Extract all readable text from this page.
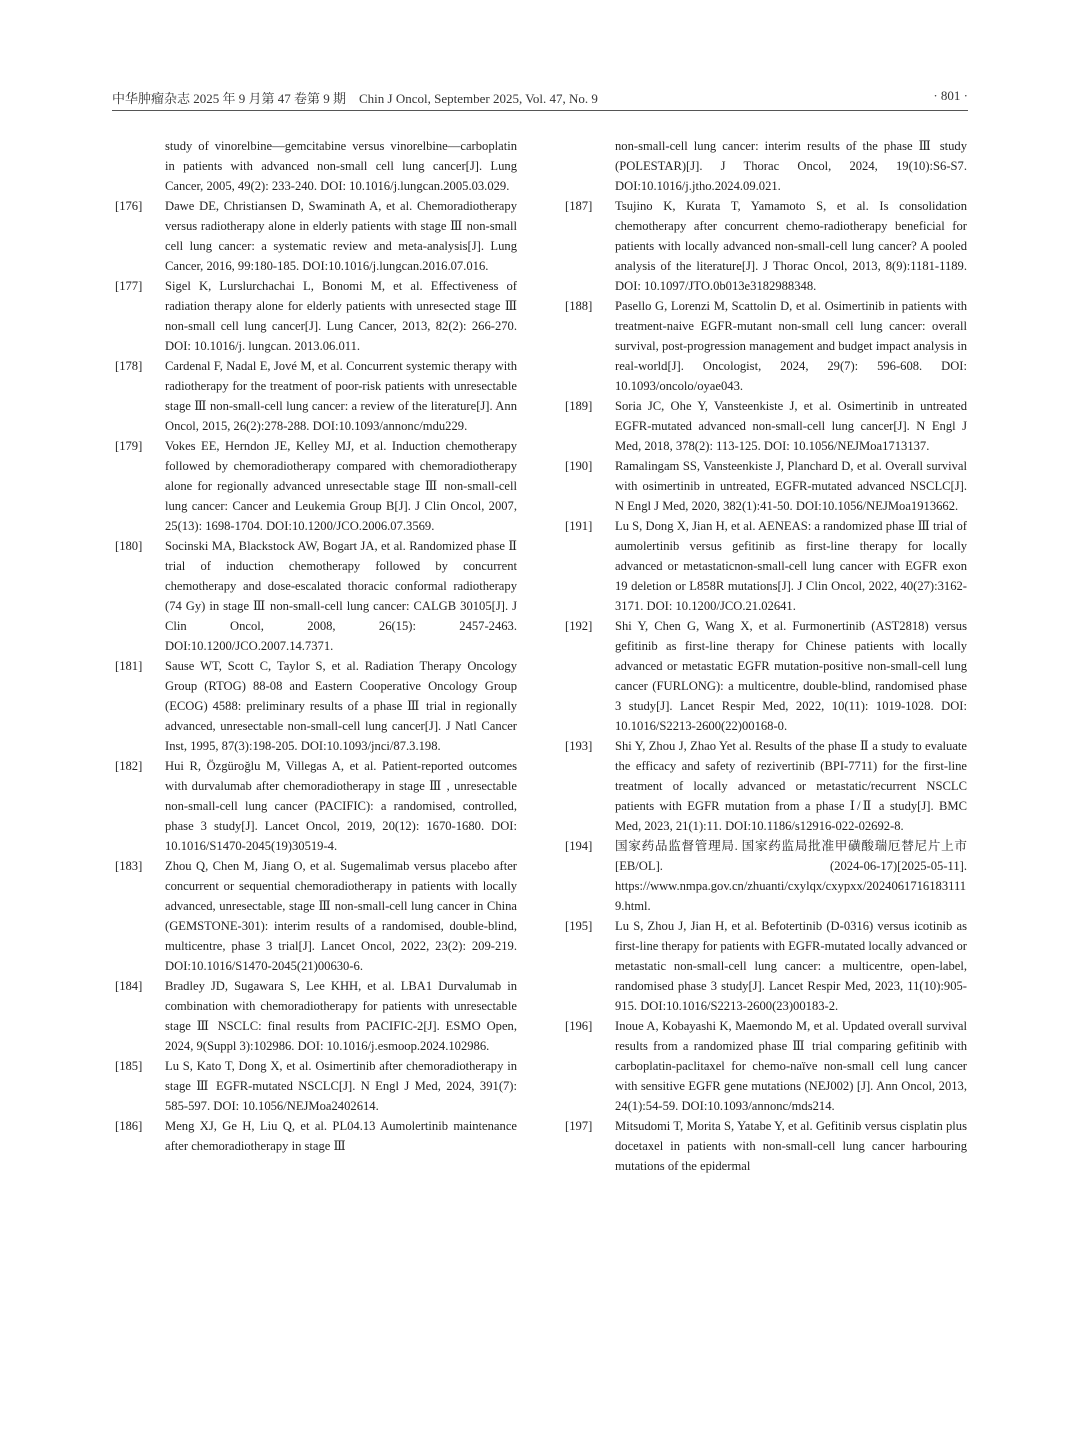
中华肿瘤杂志 2025 年 9 月第 47 卷第 9 期　Chin J Oncol, September 2025, Vol. 47, No. 9	· 801 ·
study of vinorelbine—gemcitabine versus vinorelbine—carboplatin in patients with advanced non-small cell lung cancer[J]. Lung Cancer, 2005, 49(2): 233-240. DOI: 10.1016/j.lungcan.2005.03.029.
[176] Dawe DE, Christiansen D, Swaminath A, et al. Chemoradiotherapy versus radiotherapy alone in elderly patients with stage Ⅲ non-small cell lung cancer: a systematic review and meta-analysis[J]. Lung Cancer, 2016, 99:180-185. DOI:10.1016/j.lungcan.2016.07.016.
[177] Sigel K, Lurslurchachai L, Bonomi M, et al. Effectiveness of radiation therapy alone for elderly patients with unresected stage Ⅲ non-small cell lung cancer[J]. Lung Cancer, 2013, 82(2): 266-270. DOI: 10.1016/j. lungcan. 2013.06.011.
[178] Cardenal F, Nadal E, Jové M, et al. Concurrent systemic therapy with radiotherapy for the treatment of poor-risk patients with unresectable stage Ⅲ non-small-cell lung cancer: a review of the literature[J]. Ann Oncol, 2015, 26(2):278-288. DOI:10.1093/annonc/mdu229.
[179] Vokes EE, Herndon JE, Kelley MJ, et al. Induction chemotherapy followed by chemoradiotherapy compared with chemoradiotherapy alone for regionally advanced unresectable stage Ⅲ non-small-cell lung cancer: Cancer and Leukemia Group B[J]. J Clin Oncol, 2007, 25(13): 1698-1704. DOI:10.1200/JCO.2006.07.3569.
[180] Socinski MA, Blackstock AW, Bogart JA, et al. Randomized phase Ⅱ trial of induction chemotherapy followed by concurrent chemotherapy and dose-escalated thoracic conformal radiotherapy (74 Gy) in stage Ⅲ non-small-cell lung cancer: CALGB 30105[J]. J Clin Oncol, 2008, 26(15): 2457-2463. DOI:10.1200/JCO.2007.14.7371.
[181] Sause WT, Scott C, Taylor S, et al. Radiation Therapy Oncology Group (RTOG) 88-08 and Eastern Cooperative Oncology Group (ECOG) 4588: preliminary results of a phase Ⅲ trial in regionally advanced, unresectable non-small-cell lung cancer[J]. J Natl Cancer Inst, 1995, 87(3):198-205. DOI:10.1093/jnci/87.3.198.
[182] Hui R, Özgüroğlu M, Villegas A, et al. Patient-reported outcomes with durvalumab after chemoradiotherapy in stage Ⅲ , unresectable non-small-cell lung cancer (PACIFIC): a randomised, controlled, phase 3 study[J]. Lancet Oncol, 2019, 20(12): 1670-1680. DOI: 10.1016/S1470-2045(19)30519-4.
[183] Zhou Q, Chen M, Jiang O, et al. Sugemalimab versus placebo after concurrent or sequential chemoradiotherapy in patients with locally advanced, unresectable, stage Ⅲ non-small-cell lung cancer in China (GEMSTONE-301): interim results of a randomised, double-blind, multicentre, phase 3 trial[J]. Lancet Oncol, 2022, 23(2): 209-219. DOI:10.1016/S1470-2045(21)00630-6.
[184] Bradley JD, Sugawara S, Lee KHH, et al. LBA1 Durvalumab in combination with chemoradiotherapy for patients with unresectable stage Ⅲ NSCLC: final results from PACIFIC-2[J]. ESMO Open, 2024, 9(Suppl 3):102986. DOI: 10.1016/j.esmoop.2024.102986.
[185] Lu S, Kato T, Dong X, et al. Osimertinib after chemoradiotherapy in stage Ⅲ EGFR-mutated NSCLC[J]. N Engl J Med, 2024, 391(7): 585-597. DOI: 10.1056/NEJMoa2402614.
[186] Meng XJ, Ge H, Liu Q, et al. PL04.13 Aumolertinib maintenance after chemoradiotherapy in stage Ⅲ
non-small-cell lung cancer: interim results of the phase Ⅲ study (POLESTAR)[J]. J Thorac Oncol, 2024, 19(10):S6-S7. DOI:10.1016/j.jtho.2024.09.021.
[187] Tsujino K, Kurata T, Yamamoto S, et al. Is consolidation chemotherapy after concurrent chemo-radiotherapy beneficial for patients with locally advanced non-small-cell lung cancer? A pooled analysis of the literature[J]. J Thorac Oncol, 2013, 8(9):1181-1189. DOI: 10.1097/JTO.0b013e3182988348.
[188] Pasello G, Lorenzi M, Scattolin D, et al. Osimertinib in patients with treatment-naive EGFR-mutant non-small cell lung cancer: overall survival, post-progression management and budget impact analysis in real-world[J]. Oncologist, 2024, 29(7): 596-608. DOI: 10.1093/oncolo/oyae043.
[189] Soria JC, Ohe Y, Vansteenkiste J, et al. Osimertinib in untreated EGFR-mutated advanced non-small-cell lung cancer[J]. N Engl J Med, 2018, 378(2): 113-125. DOI: 10.1056/NEJMoa1713137.
[190] Ramalingam SS, Vansteenkiste J, Planchard D, et al. Overall survival with osimertinib in untreated, EGFR-mutated advanced NSCLC[J]. N Engl J Med, 2020, 382(1):41-50. DOI:10.1056/NEJMoa1913662.
[191] Lu S, Dong X, Jian H, et al. AENEAS: a randomized phase Ⅲ trial of aumolertinib versus gefitinib as first-line therapy for locally advanced or metastaticnon-small-cell lung cancer with EGFR exon 19 deletion or L858R mutations[J]. J Clin Oncol, 2022, 40(27):3162-3171. DOI: 10.1200/JCO.21.02641.
[192] Shi Y, Chen G, Wang X, et al. Furmonertinib (AST2818) versus gefitinib as first-line therapy for Chinese patients with locally advanced or metastatic EGFR mutation-positive non-small-cell lung cancer (FURLONG): a multicentre, double-blind, randomised phase 3 study[J]. Lancet Respir Med, 2022, 10(11): 1019-1028. DOI: 10.1016/S2213-2600(22)00168-0.
[193] Shi Y, Zhou J, Zhao Yet al. Results of the phase Ⅱ a study to evaluate the efficacy and safety of rezivertinib (BPI-7711) for the first-line treatment of locally advanced or metastatic/recurrent NSCLC patients with EGFR mutation from a phase Ⅰ/Ⅱ a study[J]. BMC Med, 2023, 21(1):11. DOI:10.1186/s12916-022-02692-8.
[194] 国家药品监督管理局. 国家药监局批准甲磺酸瑞厄替尼片上市[EB/OL]. (2024-06-17)[2025-05-11]. https://www.nmpa.gov.cn/zhuanti/cxylqx/cxypxx/20240617161831119.html.
[195] Lu S, Zhou J, Jian H, et al. Befotertinib (D-0316) versus icotinib as first-line therapy for patients with EGFR-mutated locally advanced or metastatic non-small-cell lung cancer: a multicentre, open-label, randomised phase 3 study[J]. Lancet Respir Med, 2023, 11(10):905-915. DOI:10.1016/S2213-2600(23)00183-2.
[196] Inoue A, Kobayashi K, Maemondo M, et al. Updated overall survival results from a randomized phase Ⅲ trial comparing gefitinib with carboplatin-paclitaxel for chemo-naïve non-small cell lung cancer with sensitive EGFR gene mutations (NEJ002) [J]. Ann Oncol, 2013, 24(1):54-59. DOI:10.1093/annonc/mds214.
[197] Mitsudomi T, Morita S, Yatabe Y, et al. Gefitinib versus cisplatin plus docetaxel in patients with non-small-cell lung cancer harbouring mutations of the epidermal
